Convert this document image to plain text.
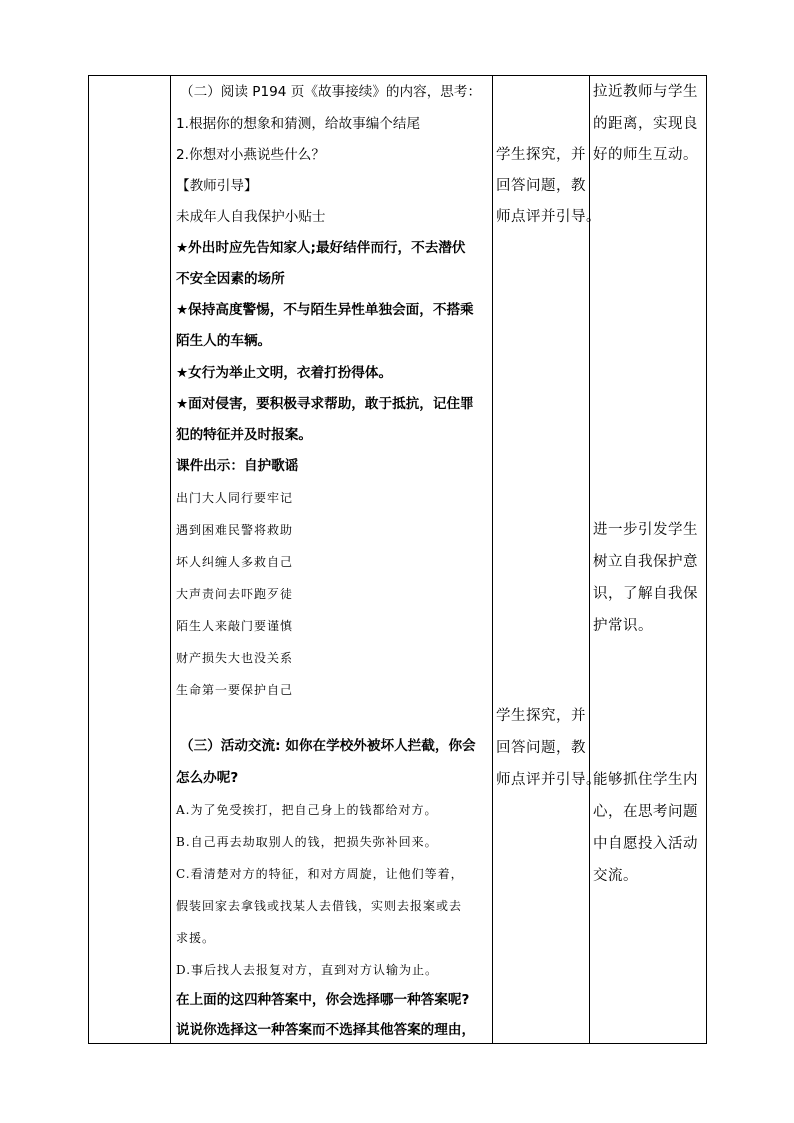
（二）阅读 P194 页《故事接续》的内容，思考：
1.根据你的想象和猜测，给故事编个结尾
2.你想对小燕说些什么？
【教师引导】
未成年人自我保护小贴士
★外出时应先告知家人;最好结伴而行，不去潜伏
不安全因素的场所
★保持高度警惕，不与陌生异性单独会面，不搭乘
陌生人的车辆。
★女行为举止文明，衣着打扮得体。
★面对侵害，要积极寻求帮助，敢于抵抗，记住罪
犯的特征并及时报案。
课件出示：自护歌谣
出门大人同行要牢记
遇到困难民警将救助
坏人纠缠人多救自己
大声责问去吓跑歹徒
陌生人来敲门要谨慎
财产损失大也没关系
生命第一要保护自己
（三）活动交流: 如你在学校外被坏人拦截，你会
怎么办呢?
A.为了免受挨打，把自己身上的钱都给对方。
B.自己再去劫取别人的钱，把损失弥补回来。
C.看清楚对方的特征，和对方周旋，让他们等着，
假装回家去拿钱或找某人去借钱，实则去报案或去
求援。
D.事后找人去报复对方，直到对方认输为止。
在上面的这四种答案中，你会选择哪一种答案呢?
说说你选择这一种答案而不选择其他答案的理由，
学生探究，并
回答问题，教
师点评并引导。
学生探究，并
回答问题，教
师点评并引导。
拉近教师与学生
的距离，实现良
好的师生互动。
进一步引发学生
树立自我保护意
识，了解自我保
护常识。
能够抓住学生内
心，在思考问题
中自愿投入活动
交流。
